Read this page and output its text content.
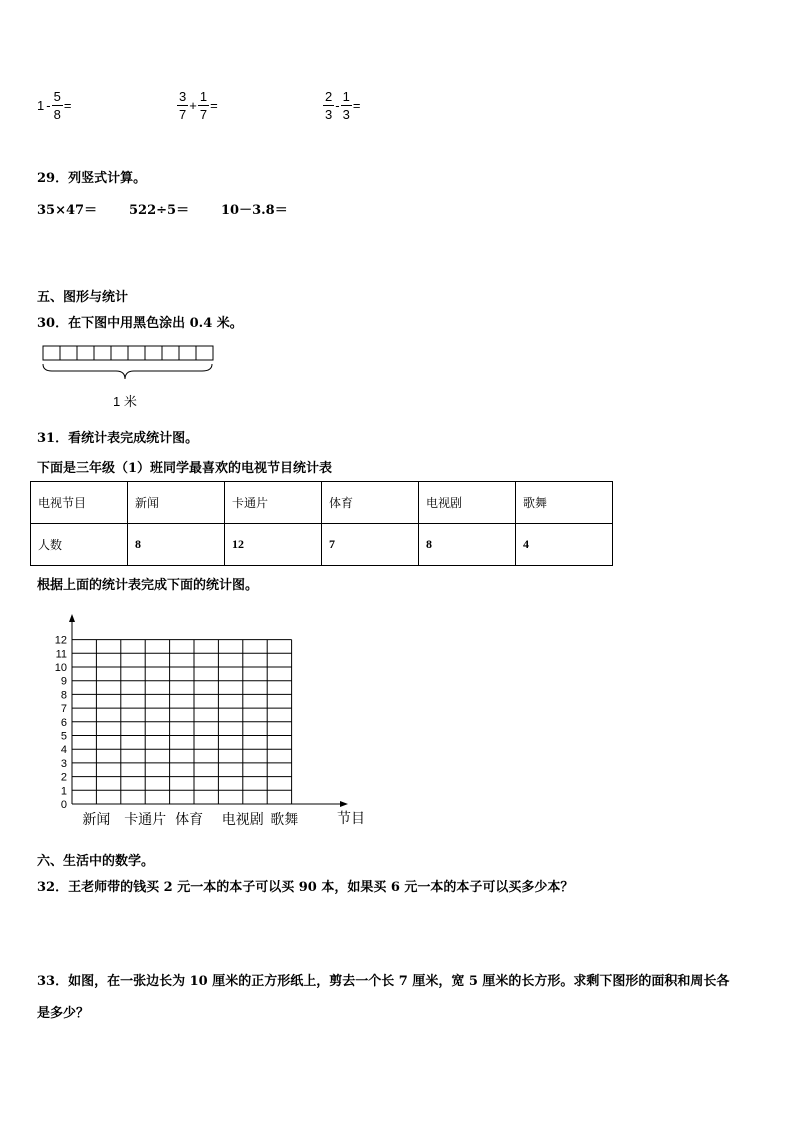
$1 - \frac{5}{8}$ =	$\frac{3}{7} + \frac{1}{7}$ =	$\frac{2}{3} - \frac{1}{3}$ =
29．列竖式计算。
35×47＝ 522÷5＝ 10－3.8＝
五、图形与统计
30．在下图中用黑色涂出 0.4 米。
1 米
31．看统计表完成统计图。
下面是三年级（1）班同学最喜欢的电视节目统计表
电视节目	新闻	卡通片	体育	电视剧	歌舞
人数	8	12	7	8	4
根据上面的统计表完成下面的统计图。
0
1
2
3
4
5
6
7
8
9
10
11
12
新闻 卡通片 体育 电视剧 歌舞	节目
六、生活中的数学。
32．王老师带的钱买 2 元一本的本子可以买 90 本，如果买 6 元一本的本子可以买多少本？
33．如图，在一张边长为 10 厘米的正方形纸上，剪去一个长 7 厘米，宽 5 厘米的长方形。求剩下图形的面积和周长各
是多少？
